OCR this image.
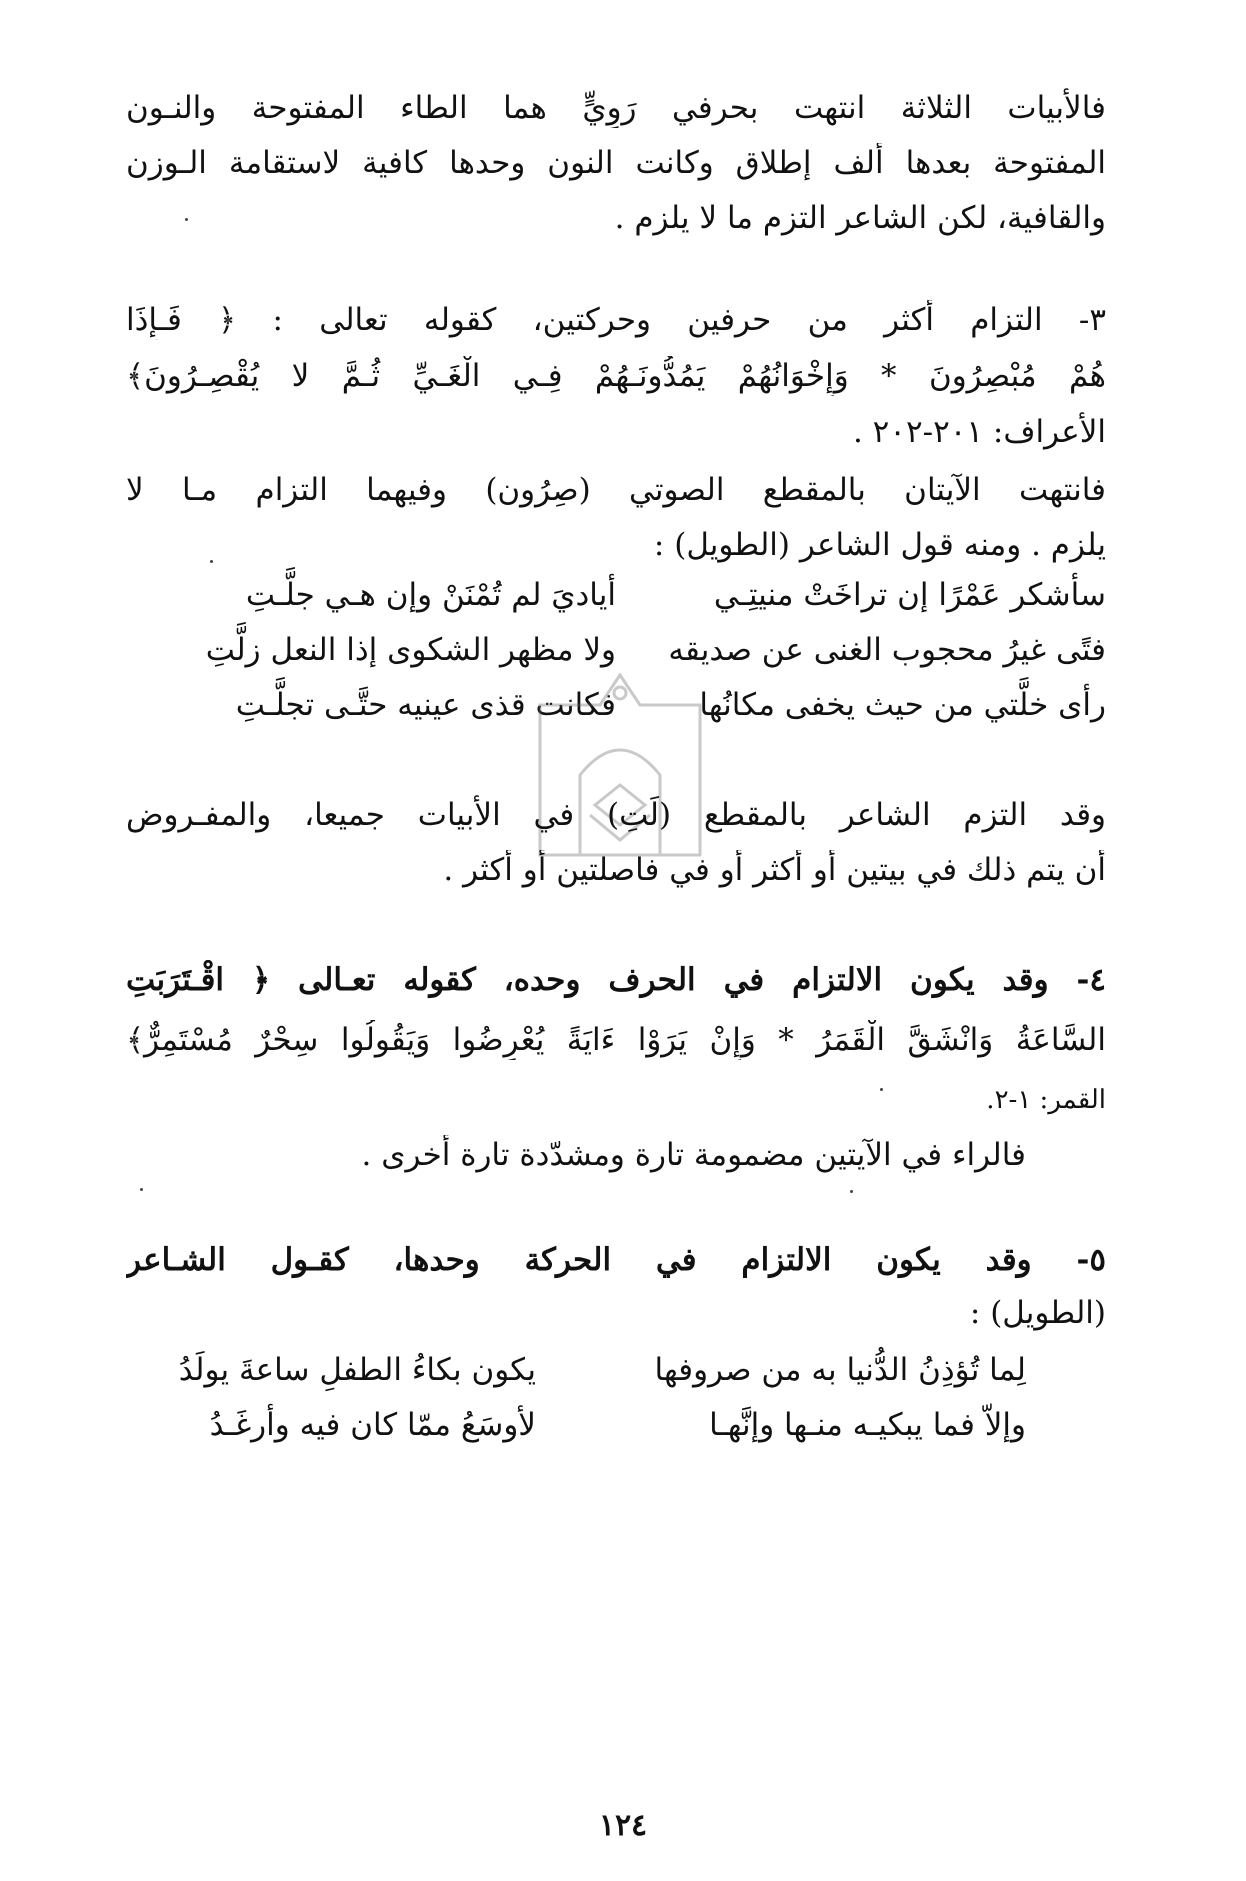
فالأبيات الثلاثة انتهت بحرفي رَوِيٍّ هما الطاء المفتوحة والنـون
المفتوحة بعدها ألف إطلاق وكانت النون وحدها كافية لاستقامة الـوزن
والقافية، لكن الشاعر التزم ما لا يلزم .
٣- التزام أكثر من حرفين وحركتين، كقوله تعالى : ﴿ فَـإِذَا
هُمْ مُبْصِرُونَ * وَإِخْوَانُهُمْ يَمُدُّونَـهُمْ فِـي الْغَـيِّ ثُـمَّ لا يُقْصِـرُونَ﴾
الأعراف: ٢٠١-٢٠٢ .
فانتهت الآيتان بالمقطع الصوتي (صِرُون) وفيهما التزام مـا لا
يلزم . ومنه قول الشاعر (الطويل) :
سأشكر عَمْرًا إن تراخَتْ منيتِـي
أياديَ لم تُمْنَنْ وإن هـي جلَّـتِ
فتًى غيرُ محجوب الغنى عن صديقه
ولا مظهر الشكوى إذا النعل زلَّتِ
رأى خلَّتي من حيث يخفى مكانُها
فكانت قذى عينيه حتَّـى تجلَّـتِ
وقد التزم الشاعر بالمقطع (لَتِ) في الأبيات جميعا، والمفـروض
أن يتم ذلك في بيتين أو أكثر أو في فاصلتين أو أكثر .
٤- وقد يكون الالتزام في الحرف وحده، كقوله تعـالى ﴿ اقْـتَرَبَتِ
السَّاعَةُ وَانْشَقَّ الْقَمَرُ * وَإِنْ يَرَوْا ءَايَةً يُعْرِضُوا وَيَقُولُوا سِحْرٌ مُسْتَمِرٌّ﴾
القمر: ١-٢.
فالراء في الآيتين مضمومة تارة ومشدّدة تارة أخرى .
٥- وقد يكون الالتزام في الحركة وحدها، كقـول الشـاعر
(الطويل) :
لِما تُؤذِنُ الدُّنيا به من صروفها
يكون بكاءُ الطفلِ ساعةَ يولَدُ
وإلاّ فما يبكيـه منـها وإنَّهـا
لأوسَعُ ممّا كان فيه وأرغَـدُ
١٢٤
